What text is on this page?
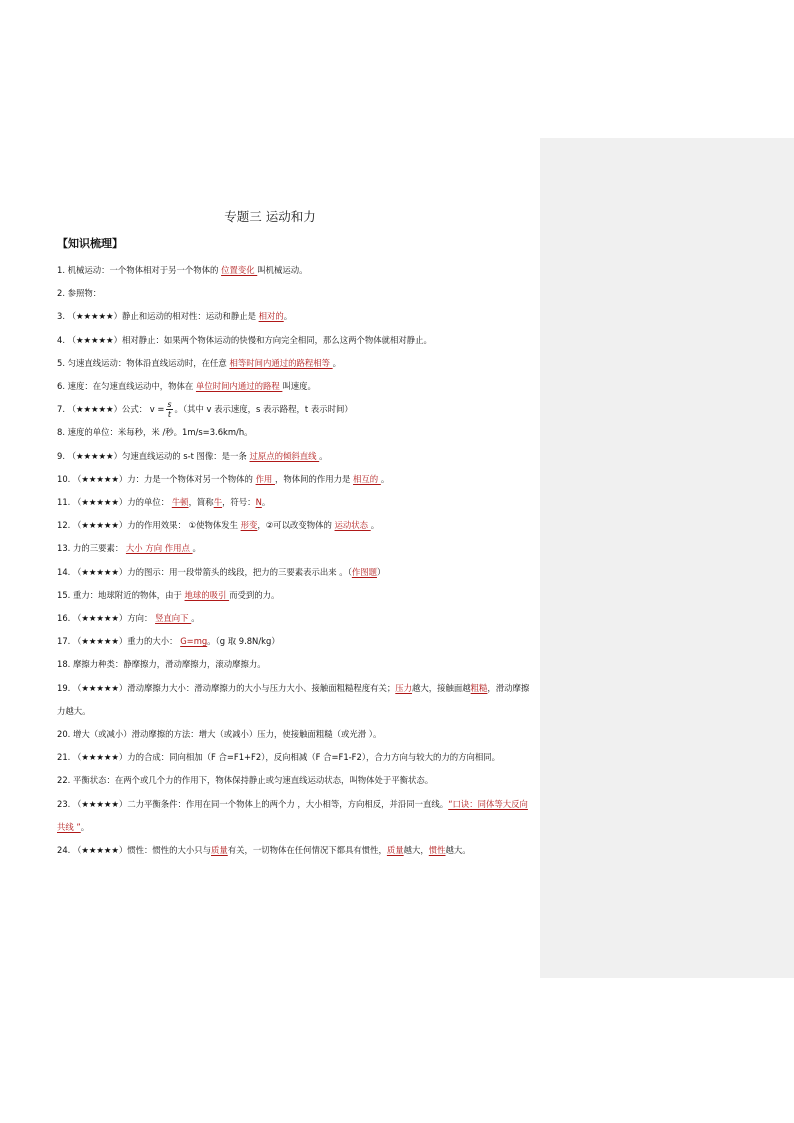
专题三 运动和力
【知识梳理】
1. 机械运动：一个物体相对于另一个物体的 位置变化 叫机械运动。
2. 参照物：
3. （★★★★★）静止和运动的相对性：运动和静止是 相对的。
4. （★★★★★）相对静止：如果两个物体运动的快慢和方向完全相同，那么这两个物体就相对静止。
5. 匀速直线运动：物体沿直线运动时，在任意 相等时间内通过的路程相等 。
6. 速度：在匀速直线运动中，物体在 单位时间内通过的路程 叫速度。
7. （★★★★★）公式： $v = \frac{s}{t}$ 。（其中 v 表示速度，s 表示路程，t 表示时间）
8. 速度的单位：米每秒，米 /秒。1m/s=3.6km/h。
9. （★★★★★）匀速直线运动的 s-t 图像：是一条 过原点的倾斜直线 。
10. （★★★★★）力：力是一个物体对另一个物体的 作用 ，物体间的作用力是 相互的 。
11. （★★★★★）力的单位： 牛顿，简称牛，符号：N。
12. （★★★★★）力的作用效果： ①使物体发生 形变，②可以改变物体的 运动状态 。
13. 力的三要素： 大小 方向 作用点 。
14. （★★★★★）力的图示：用一段带箭头的线段，把力的三要素表示出来 。（作图题）
15. 重力：地球附近的物体，由于 地球的吸引 而受到的力。
16. （★★★★★）方向： 竖直向下 。
17. （★★★★★）重力的大小： G=mg。（g 取 9.8N/kg）
18. 摩擦力种类：静摩擦力，滑动摩擦力，滚动摩擦力。
19. （★★★★★）滑动摩擦力大小：滑动摩擦力的大小与压力大小、接触面粗糙程度有关；压力越大，接触面越粗糙，滑动摩擦力越大。
20. 增大（或减小）滑动摩擦的方法：增大（或减小）压力，使接触面粗糙（或光滑 ）。
21. （★★★★★）力的合成：同向相加（F 合=F1+F2），反向相减（F 合=F1-F2），合力方向与较大的力的方向相同。
22. 平衡状态：在两个或几个力的作用下，物体保持静止或匀速直线运动状态，叫物体处于平衡状态。
23. （★★★★★）二力平衡条件：作用在同一个物体上的两个力 ，大小相等，方向相反，并沿同一直线。“口诀：同体等大反向共线 ”。
24. （★★★★★）惯性：惯性的大小只与质量有关，一切物体在任何情况下都具有惯性，质量越大，惯性越大。
